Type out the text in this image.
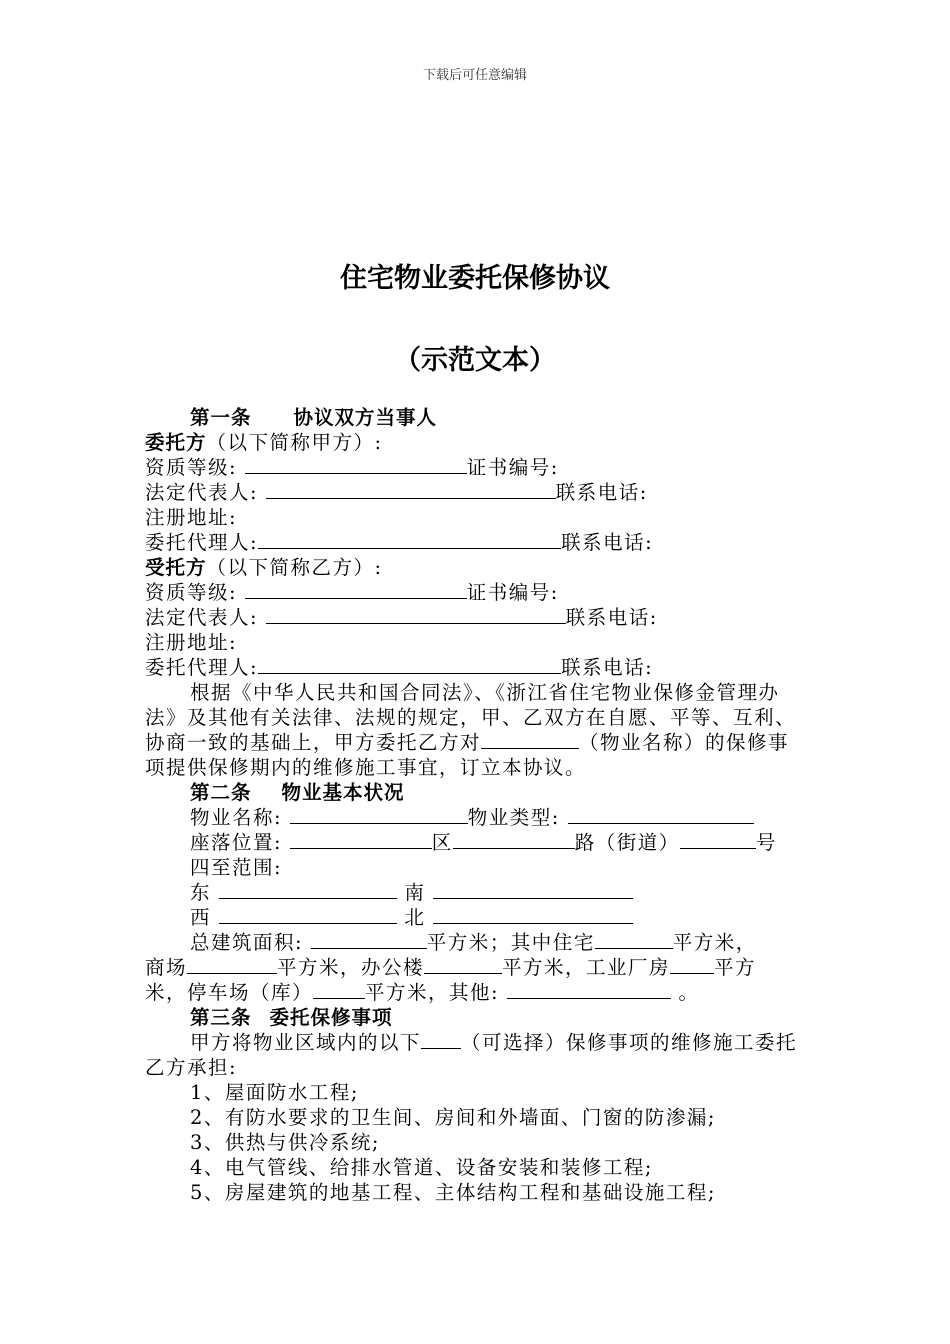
下载后可任意编辑
住宅物业委托保修协议
（示范文本）
第一条 协议双方当事人
委托方（以下简称甲方）:
资质等级:	证书编号:
法定代表人:	联系电话:
注册地址:
委托代理人:	联系电话:
受托方（以下简称乙方）:
资质等级:	证书编号:
法定代表人:	联系电话:
注册地址:
委托代理人:	联系电话:
根据《中华人民共和国合同法》、《浙江省住宅物业保修金管理办法》及其他有关法律、法规的规定，甲、乙双方在自愿、平等、互利、协商一致的基础上，甲方委托乙方对	（物业名称）的保修事项提供保修期内的维修施工事宜，订立本协议。
第二条 物业基本状况
物业名称:	物业类型:
座落位置:	区	路（街道）	号
四至范围:
东	南
西	北
总建筑面积:	平方米；其中住宅	平方米，
商场	平方米，办公楼	平方米，工业厂房 平方
米，停车场（库）	平方米，其他:	。
第三条 委托保修事项
甲方将物业区域内的以下 （可选择）保修事项的维修施工委托乙方承担:
1、屋面防水工程;
2、有防水要求的卫生间、房间和外墙面、门窗的防渗漏;
3、供热与供冷系统;
4、电气管线、给排水管道、设备安装和装修工程;
5、房屋建筑的地基工程、主体结构工程和基础设施工程;
